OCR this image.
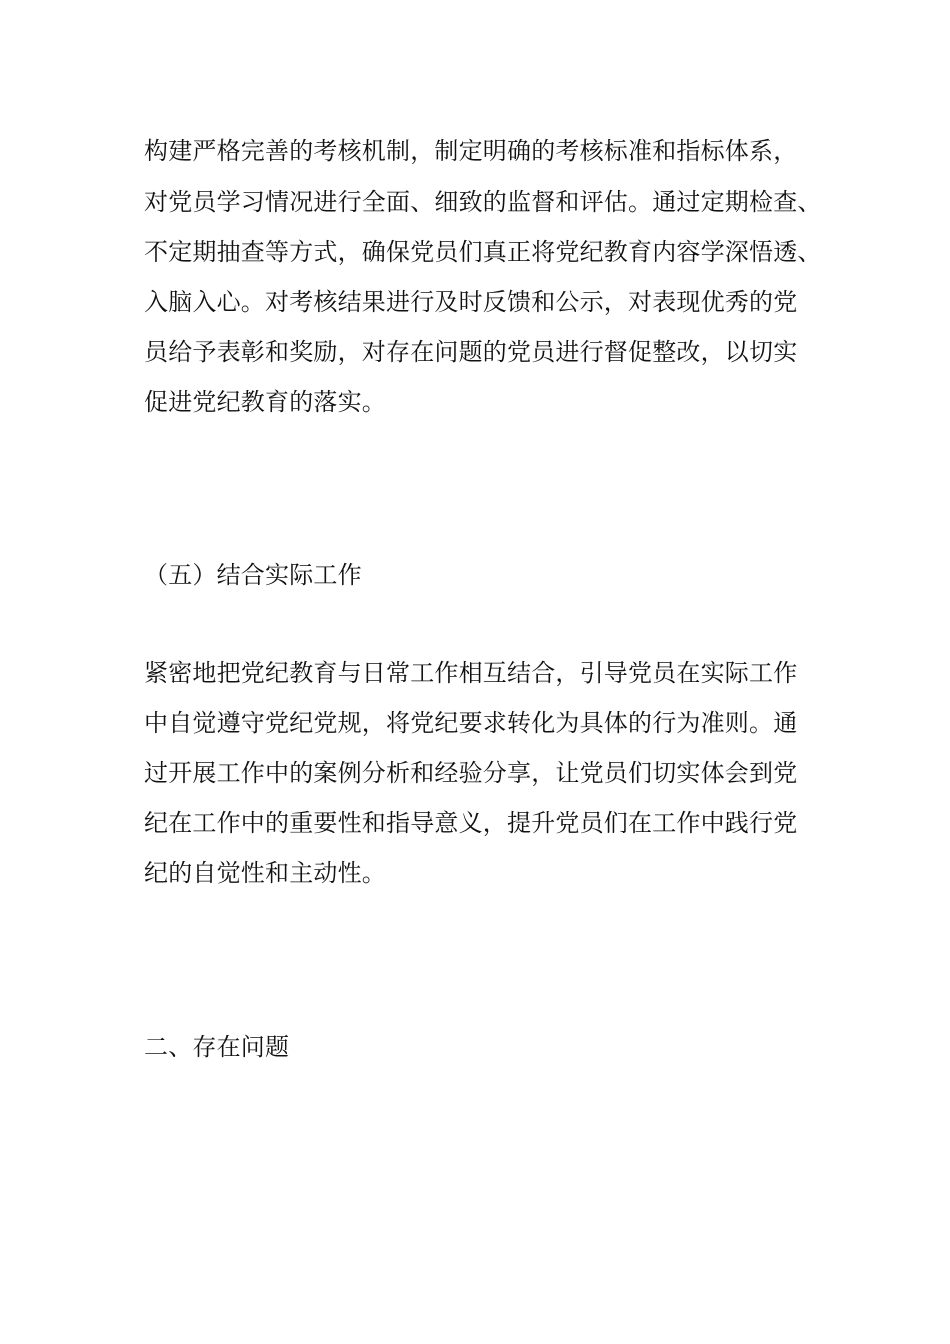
构建严格完善的考核机制，制定明确的考核标准和指标体系，
对党员学习情况进行全面、细致的监督和评估。通过定期检查、
不定期抽查等方式，确保党员们真正将党纪教育内容学深悟透、
入脑入心。对考核结果进行及时反馈和公示，对表现优秀的党
员给予表彰和奖励，对存在问题的党员进行督促整改，以切实
促进党纪教育的落实。
（五）结合实际工作
紧密地把党纪教育与日常工作相互结合，引导党员在实际工作
中自觉遵守党纪党规，将党纪要求转化为具体的行为准则。通
过开展工作中的案例分析和经验分享，让党员们切实体会到党
纪在工作中的重要性和指导意义，提升党员们在工作中践行党
纪的自觉性和主动性。
二、存在问题
